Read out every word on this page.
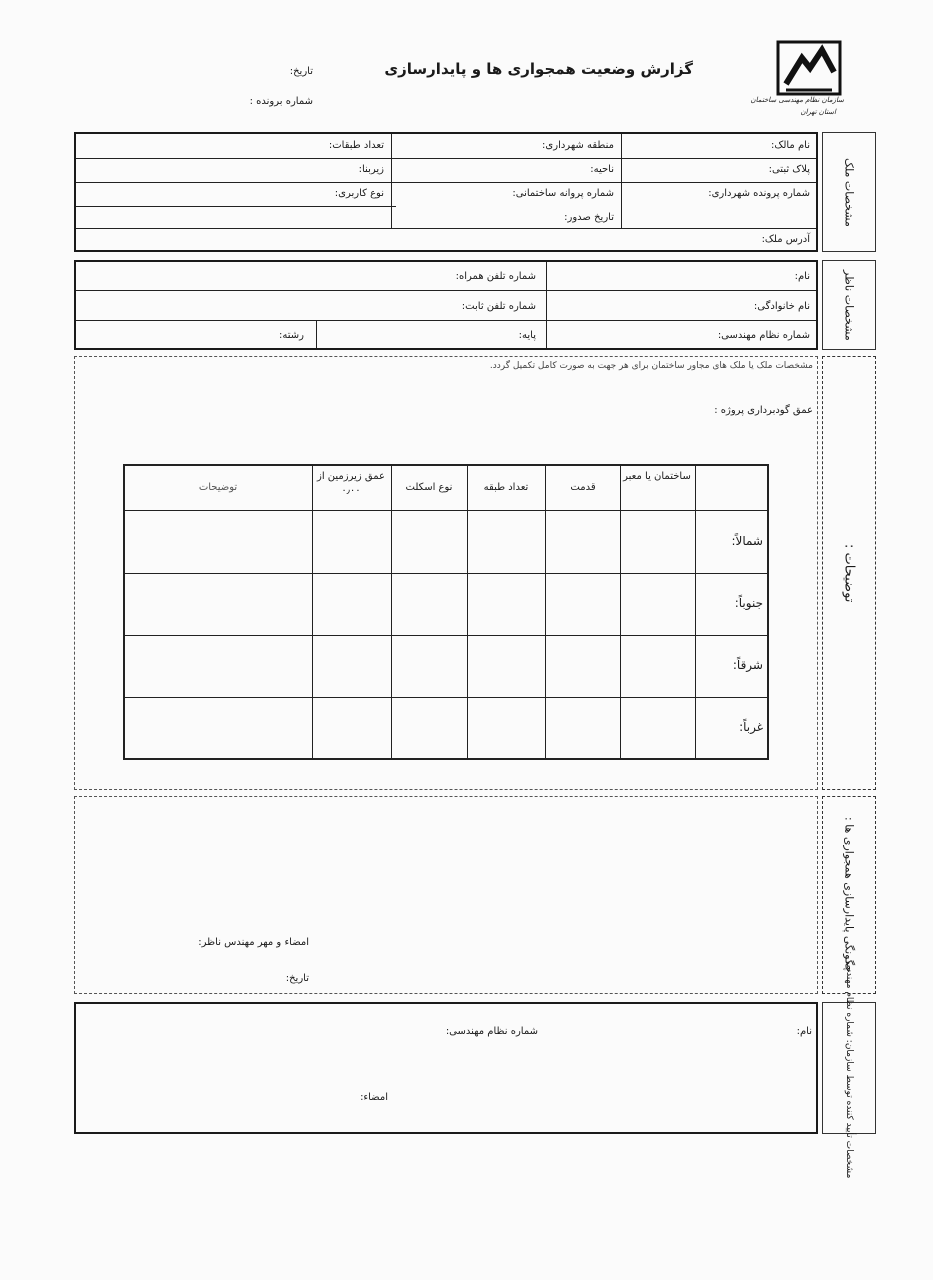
سازمان نظام مهندسی ساختمان
استان تهران
گزارش وضعیت همجواری ها و پایدارسازی
تاریخ:
شماره برونده :
نام مالک:
منطقه شهرداری:
تعداد طبقات:
پلاک ثبتی:
ناحیه:
زیربنا:
شماره پرونده شهرداری:
شماره پروانه ساختمانی:
نوع کاربری:
تاریخ صدور:
آدرس ملک:
مشخصات ملک
نام:
شماره تلفن همراه:
نام خانوادگی:
شماره تلفن ثابت:
شماره نظام مهندسی:
پایه:
رشته:	مشخصات ناظر
مشخصات ملک یا ملک های مجاور ساختمان برای هر جهت به صورت کامل تکمیل گردد.
عمق گودبرداری پروژه :
توضیحات :
ساختمان یا معبر
قدمت
تعداد طبقه
نوع اسکلت
عمق زیرزمین از ۰٫۰۰
توضیحات
شمالاً:
جنوباً:
شرقاً:
غرباً:
امضاء و مهر مهندس ناظر:
تاریخ:
چگونگی پایدارسازی همجواری ها :
نام:
شماره نظام مهندسی:
امضاء:	مشخصات تأیید کننده توسط سازمان: شماره نظام مهندسی
